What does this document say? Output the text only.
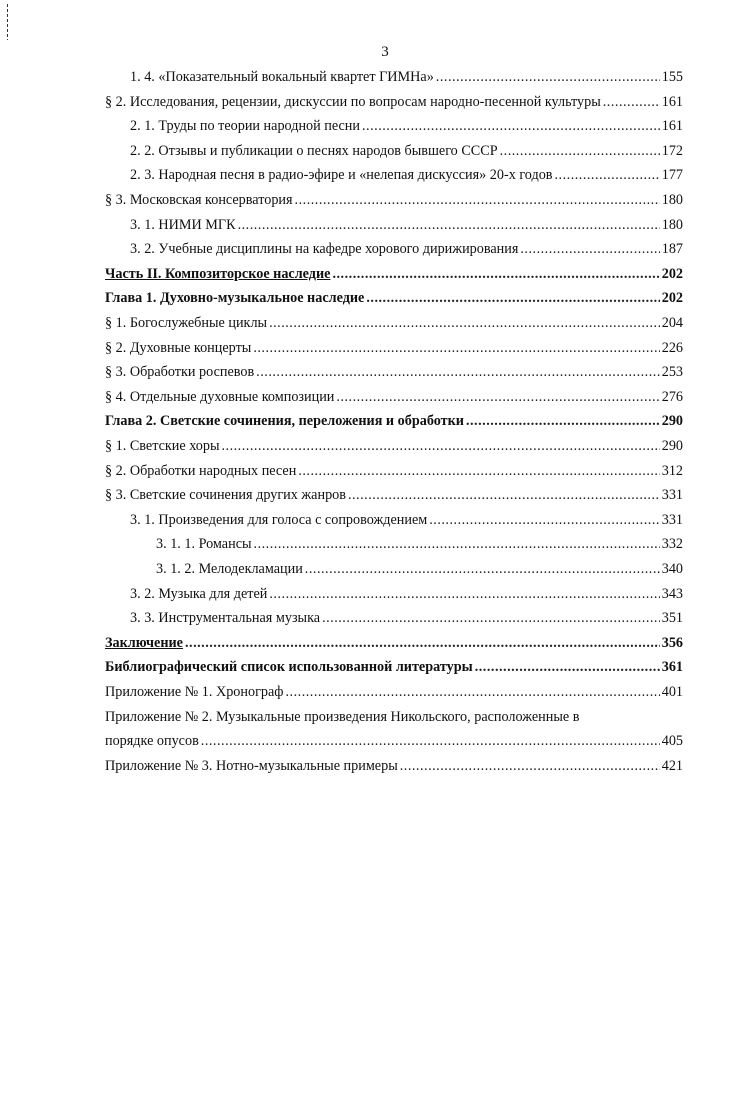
3
1. 4. «Показательный вокальный квартет ГИМНа» .....	155
§ 2. Исследования, рецензии, дискуссии по вопросам народно-песенной культуры .....	161
2. 1. Труды по теории народной песни .....	161
2. 2. Отзывы и публикации о песнях народов бывшего СССР .....	172
2. 3. Народная песня в радио-эфире и «нелепая дискуссия» 20-х годов .....	177
§ 3. Московская консерватория .....	180
3. 1. НИМИ МГК .....	180
3. 2. Учебные дисциплины на кафедре хорового дирижирования .....	187
Часть II. Композиторское наследие .....	202
Глава 1. Духовно-музыкальное наследие .....	202
§ 1. Богослужебные циклы .....	204
§ 2. Духовные концерты .....	226
§ 3. Обработки роспевов .....	253
§ 4. Отдельные духовные композиции .....	276
Глава 2. Светские сочинения, переложения и обработки .....	290
§ 1. Светские хоры .....	290
§ 2. Обработки народных песен .....	312
§ 3. Светские сочинения других жанров .....	331
3. 1. Произведения для голоса с сопровождением .....	331
3. 1. 1. Романсы .....	332
3. 1. 2. Мелодекламации .....	340
3. 2. Музыка для детей .....	343
3. 3. Инструментальная музыка .....	351
Заключение .....	356
Библиографический список использованной литературы .....	361
Приложение № 1. Хронограф .....	401
Приложение № 2. Музыкальные произведения Никольского, расположенные в
порядке опусов .....	405
Приложение № 3. Нотно-музыкальные примеры .....	421
